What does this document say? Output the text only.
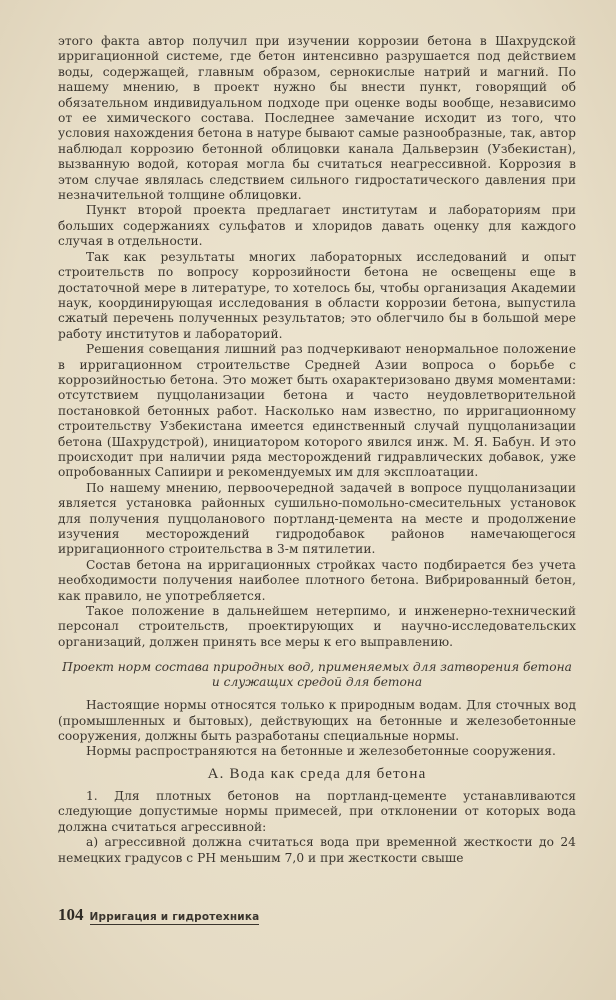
этого факта автор получил при изучении коррозии бетона в Шахрудской ирригационной системе, где бетон интенсивно разрушается под действием воды, содержащей, главным образом, сернокислые натрий и магний. По нашему мнению, в проект нужно бы внести пункт, говорящий об обязательном индивидуальном подходе при оценке воды вообще, независимо от ее химического состава. Последнее замечание исходит из того, что условия нахождения бетона в натуре бывают самые разнообразные, так, автор наблюдал коррозию бетонной облицовки канала Дальверзин (Узбекистан), вызванную водой, которая могла бы считаться неагрессивной. Коррозия в этом случае являлась следствием сильного гидростатического давления при незначительной толщине облицовки.

Пункт второй проекта предлагает институтам и лабораториям при больших содержаниях сульфатов и хлоридов давать оценку для каждого случая в отдельности.

Так как результаты многих лабораторных исследований и опыт строительств по вопросу коррозийности бетона не освещены еще в достаточной мере в литературе, то хотелось бы, чтобы организация Академии наук, координирующая исследования в области коррозии бетона, выпустила сжатый перечень полученных результатов; это облегчило бы в большой мере работу институтов и лабораторий.

Решения совещания лишний раз подчеркивают ненормальное положение в ирригационном строительстве Средней Азии вопроса о борьбе с коррозийностью бетона. Это может быть охарактеризовано двумя моментами: отсутствием пуццоланизации бетона и часто неудовлетворительной постановкой бетонных работ. Насколько нам известно, по ирригационному строительству Узбекистана имеется единственный случай пуццоланизации бетона (Шахрудстрой), инициатором которого явился инж. М. Я. Бабун. И это происходит при наличии ряда месторождений гидравлических добавок, уже опробованных Сапиири и рекомендуемых им для эксплоатации.

По нашему мнению, первоочередной задачей в вопросе пуццоланизации является установка районных сушильно-помольно-смесительных установок для получения пуццоланового портланд-цемента на месте и продолжение изучения месторождений гидродобавок районов намечающегося ирригационного строительства в 3-м пятилетии.

Состав бетона на ирригационных стройках часто подбирается без учета необходимости получения наиболее плотного бетона. Вибрированный бетон, как правило, не употребляется.

Такое положение в дальнейшем нетерпимо, и инженерно-технический персонал строительств, проектирующих и научно-исследовательских организаций, должен принять все меры к его выправлению.

Проект норм состава природных вод, применяемых для затворения бетона и служащих средой для бетона

Настоящие нормы относятся только к природным водам. Для сточных вод (промышленных и бытовых), действующих на бетонные и железобетонные сооружения, должны быть разработаны специальные нормы.

Нормы распространяются на бетонные и железобетонные сооружения.

А. Вода как среда для бетона

1. Для плотных бетонов на портланд-цементе устанавливаются следующие допустимые нормы примесей, при отклонении от которых вода должна считаться агрессивной:

а) агрессивной должна считаться вода при временной жесткости до 24 немецких градусов с PH меньшим 7,0 и при жесткости свыше

104 Ирригация и гидротехника
